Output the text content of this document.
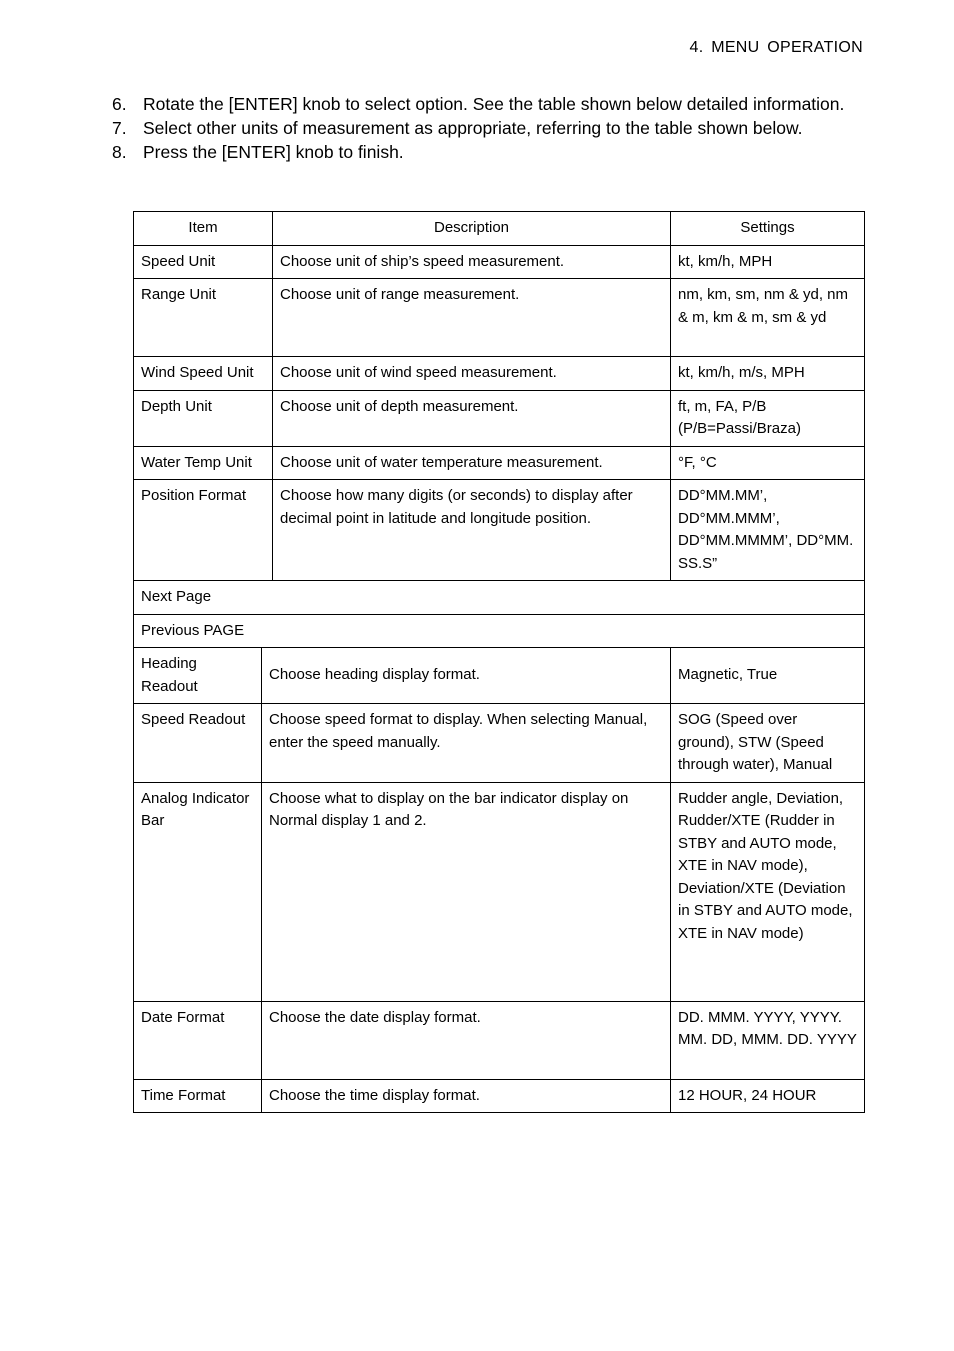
4. MENU OPERATION
6. Rotate the [ENTER] knob to select option. See the table shown below detailed information.
7. Select other units of measurement as appropriate, referring to the table shown below.
8. Press the [ENTER] knob to finish.
Item		Description	Settings
Speed Unit		Choose unit of ship’s speed measurement.	kt, km/h, MPH
Range Unit		Choose unit of range measurement.	nm, km, sm, nm & yd, nm & m, km & m, sm & yd
Wind Speed Unit		Choose unit of wind speed measurement.	kt, km/h, m/s, MPH
Depth Unit		Choose unit of depth measurement.	ft, m, FA, P/B (P/B=Passi/Braza)
Water Temp Unit		Choose unit of water temperature measurement.	°F, °C
Position Format		Choose how many digits (or seconds) to display after decimal point in latitude and longitude position.	DD°MM.MM’, DD°MM.MMM’, DD°MM.MMMM’, DD°MM. SS.S”
Next Page			
Previous PAGE			
Heading Readout	Choose heading display format.		Magnetic, True
Speed Readout	Choose speed format to display. When selecting Manual, enter the speed manually.		SOG (Speed over ground), STW (Speed through water), Manual
Analog Indicator Bar	Choose what to display on the bar indicator display on Normal display 1 and 2.		Rudder angle, Deviation, Rudder/XTE (Rudder in STBY and AUTO mode, XTE in NAV mode), Deviation/XTE (Deviation in STBY and AUTO mode, XTE in NAV mode)
Date Format	Choose the date display format.		DD. MMM. YYYY, YYYY. MM. DD, MMM. DD. YYYY
Time Format	Choose the time display format.		12 HOUR, 24 HOUR
